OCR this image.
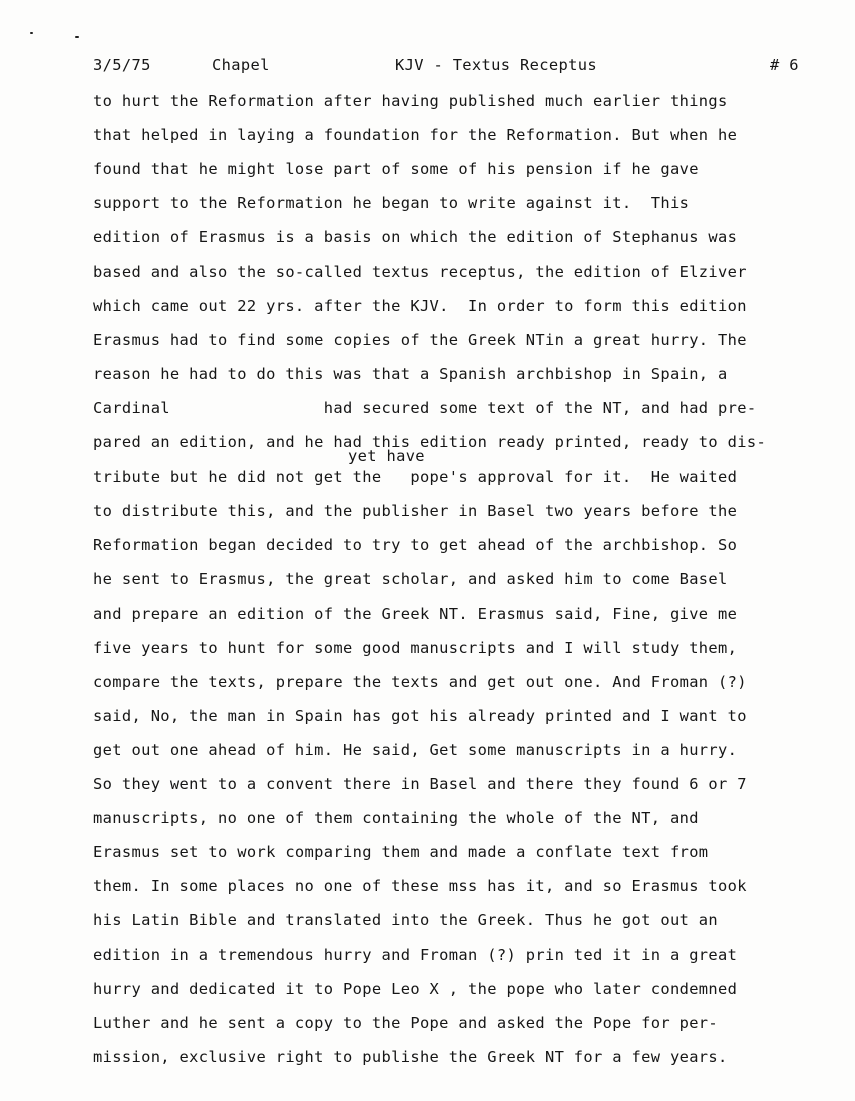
3/5/75	Chapel	KJV - Textus Receptus	# 6
to hurt the Reformation after having published much earlier things
that helped in laying a foundation for the Reformation. But when he
found that he might lose part of some of his pension if he gave
support to the Reformation he began to write against it.  This
edition of Erasmus is a basis on which the edition of Stephanus was
based and also the so-called textus receptus, the edition of Elziver
which came out 22 yrs. after the KJV.  In order to form this edition
Erasmus had to find some copies of the Greek NTin a great hurry. The
reason he had to do this was that a Spanish archbishop in Spain, a
Cardinal                had secured some text of the NT, and had pre-
pared an edition, and he had this edition ready printed, ready to dis-
tribute but he did not get the   pope's approval for it.  He waited
to distribute this, and the publisher in Basel two years before the
Reformation began decided to try to get ahead of the archbishop. So
he sent to Erasmus, the great scholar, and asked him to come Basel
and prepare an edition of the Greek NT. Erasmus said, Fine, give me
five years to hunt for some good manuscripts and I will study them,
compare the texts, prepare the texts and get out one. And Froman (?)
said, No, the man in Spain has got his already printed and I want to
get out one ahead of him. He said, Get some manuscripts in a hurry.
So they went to a convent there in Basel and there they found 6 or 7
manuscripts, no one of them containing the whole of the NT, and
Erasmus set to work comparing them and made a conflate text from
them. In some places no one of these mss has it, and so Erasmus took
his Latin Bible and translated into the Greek. Thus he got out an
edition in a tremendous hurry and Froman (?) prin ted it in a great
hurry and dedicated it to Pope Leo X , the pope who later condemned
Luther and he sent a copy to the Pope and asked the Pope for per-
mission, exclusive right to publishe the Greek NT for a few years.
yet have
